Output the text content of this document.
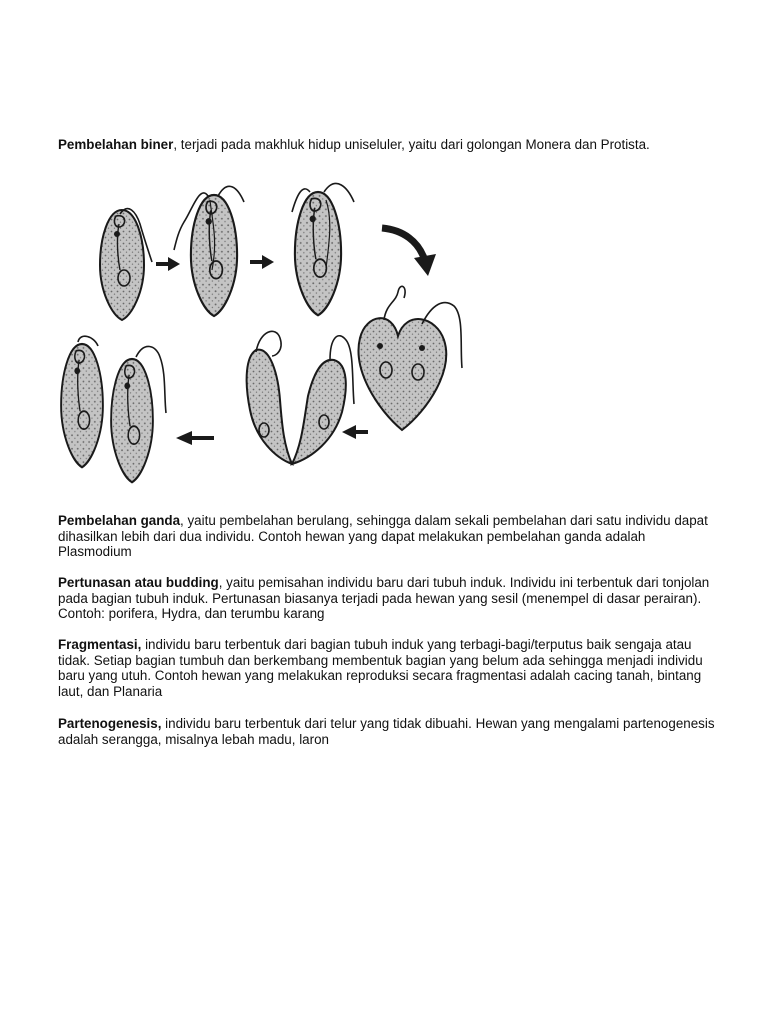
Pembelahan biner, terjadi pada makhluk hidup uniseluler, yaitu dari golongan Monera dan Protista.

Pembelahan ganda, yaitu pembelahan berulang, sehingga dalam sekali pembelahan dari satu individu dapat dihasilkan lebih dari dua individu. Contoh hewan yang dapat melakukan pembelahan ganda adalah Plasmodium

Pertunasan atau budding, yaitu pemisahan individu baru dari tubuh induk. Individu ini terbentuk dari tonjolan pada bagian tubuh induk. Pertunasan biasanya terjadi pada hewan yang sesil (menempel di dasar perairan). Contoh: porifera, Hydra, dan terumbu karang

Fragmentasi, individu baru terbentuk dari bagian tubuh induk yang terbagi-bagi/terputus baik sengaja atau tidak. Setiap bagian tumbuh dan berkembang membentuk bagian yang belum ada sehingga menjadi individu baru yang utuh. Contoh hewan yang melakukan reproduksi secara fragmentasi adalah cacing tanah, bintang laut, dan Planaria

Partenogenesis, individu baru terbentuk dari telur yang tidak dibuahi. Hewan yang mengalami partenogenesis adalah serangga, misalnya lebah madu, laron
